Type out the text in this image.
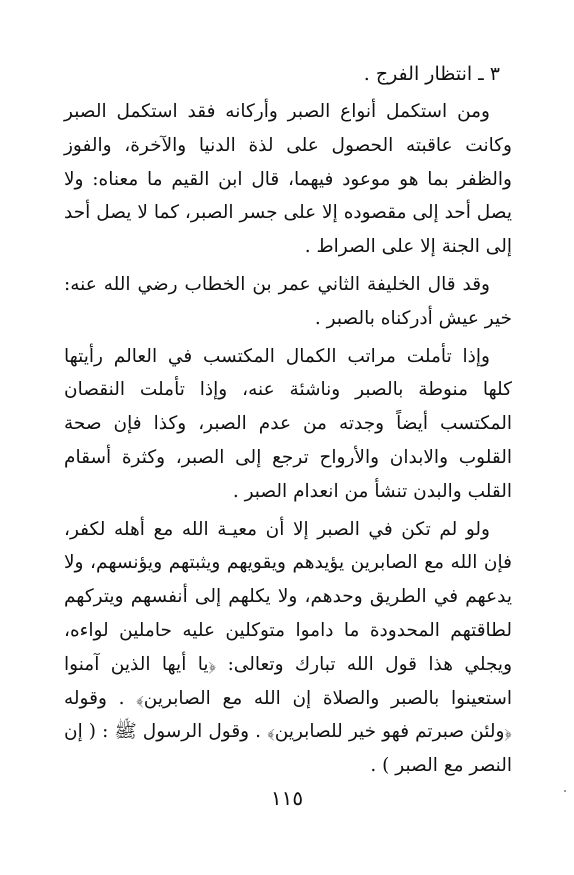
٣ ـ انتظار الفرج .

ومن استكمل أنواع الصبر وأركانه فقد استكمل الصبر وكانت عاقبته الحصول على لذة الدنيا والآخرة، والفوز والظفر بما هو موعود فيهما، قال ابن القيم ما معناه: ولا يصل أحد إلى مقصوده إلا على جسر الصبر، كما لا يصل أحد إلى الجنة إلا على الصراط .

وقد قال الخليفة الثاني عمر بن الخطاب رضي الله عنه: خير عيش أدركناه بالصبر .

وإذا تأملت مراتب الكمال المكتسب في العالم رأيتها كلها منوطة بالصبر وناشئة عنه، وإذا تأملت النقصان المكتسب أيضاً وجدته من عدم الصبر، وكذا فإن صحة القلوب والابدان والأرواح ترجع إلى الصبر، وكثرة أسقام القلب والبدن تنشأ من انعدام الصبر .

ولو لم تكن في الصبر إلا أن معيـة الله مع أهله لكفر، فإن الله مع الصابرين يؤيدهم ويقويهم ويثبتهم ويؤنسهم، ولا يدعهم في الطريق وحدهم، ولا يكلهم إلى أنفسهم ويتركهم لطاقتهم المحدودة ما داموا متوكلين عليه حاملين لواءه، ويجلي هذا قول الله تبارك وتعالى: ﴿يا أيها الذين آمنوا استعينوا بالصبر والصلاة إن الله مع الصابرين﴾ . وقوله ﴿ولئن صبرتم فهو خير للصابرين﴾ . وقول الرسول ﷺ : ( إن النصر مع الصبر ) .

١١٥
